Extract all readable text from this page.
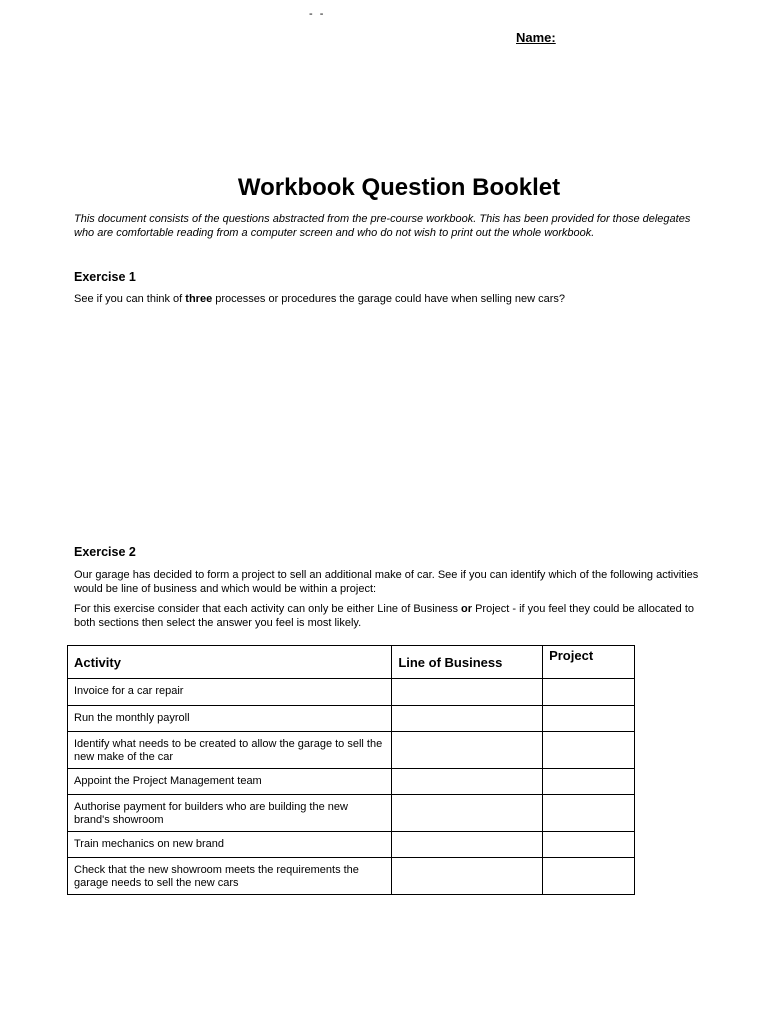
- -
Name:
Workbook Question Booklet
This document consists of the questions abstracted from the pre-course workbook. This has been provided for those delegates who are comfortable reading from a computer screen and who do not wish to print out the whole workbook.
Exercise 1
See if you can think of three processes or procedures the garage could have when selling new cars?
Exercise 2
Our garage has decided to form a project to sell an additional make of car. See if you can identify which of the following activities would be line of business and which would be within a project:
For this exercise consider that each activity can only be either Line of Business or Project - if you feel they could be allocated to both sections then select the answer you feel is most likely.
Activity	Line of Business	Project
Invoice for a car repair		
Run the monthly payroll		
Identify what needs to be created to allow the garage to sell the new make of the car		
Appoint the Project Management team		
Authorise payment for builders who are building the new brand's showroom		
Train mechanics on new brand		
Check that the new showroom meets the requirements the garage needs to sell the new cars		
